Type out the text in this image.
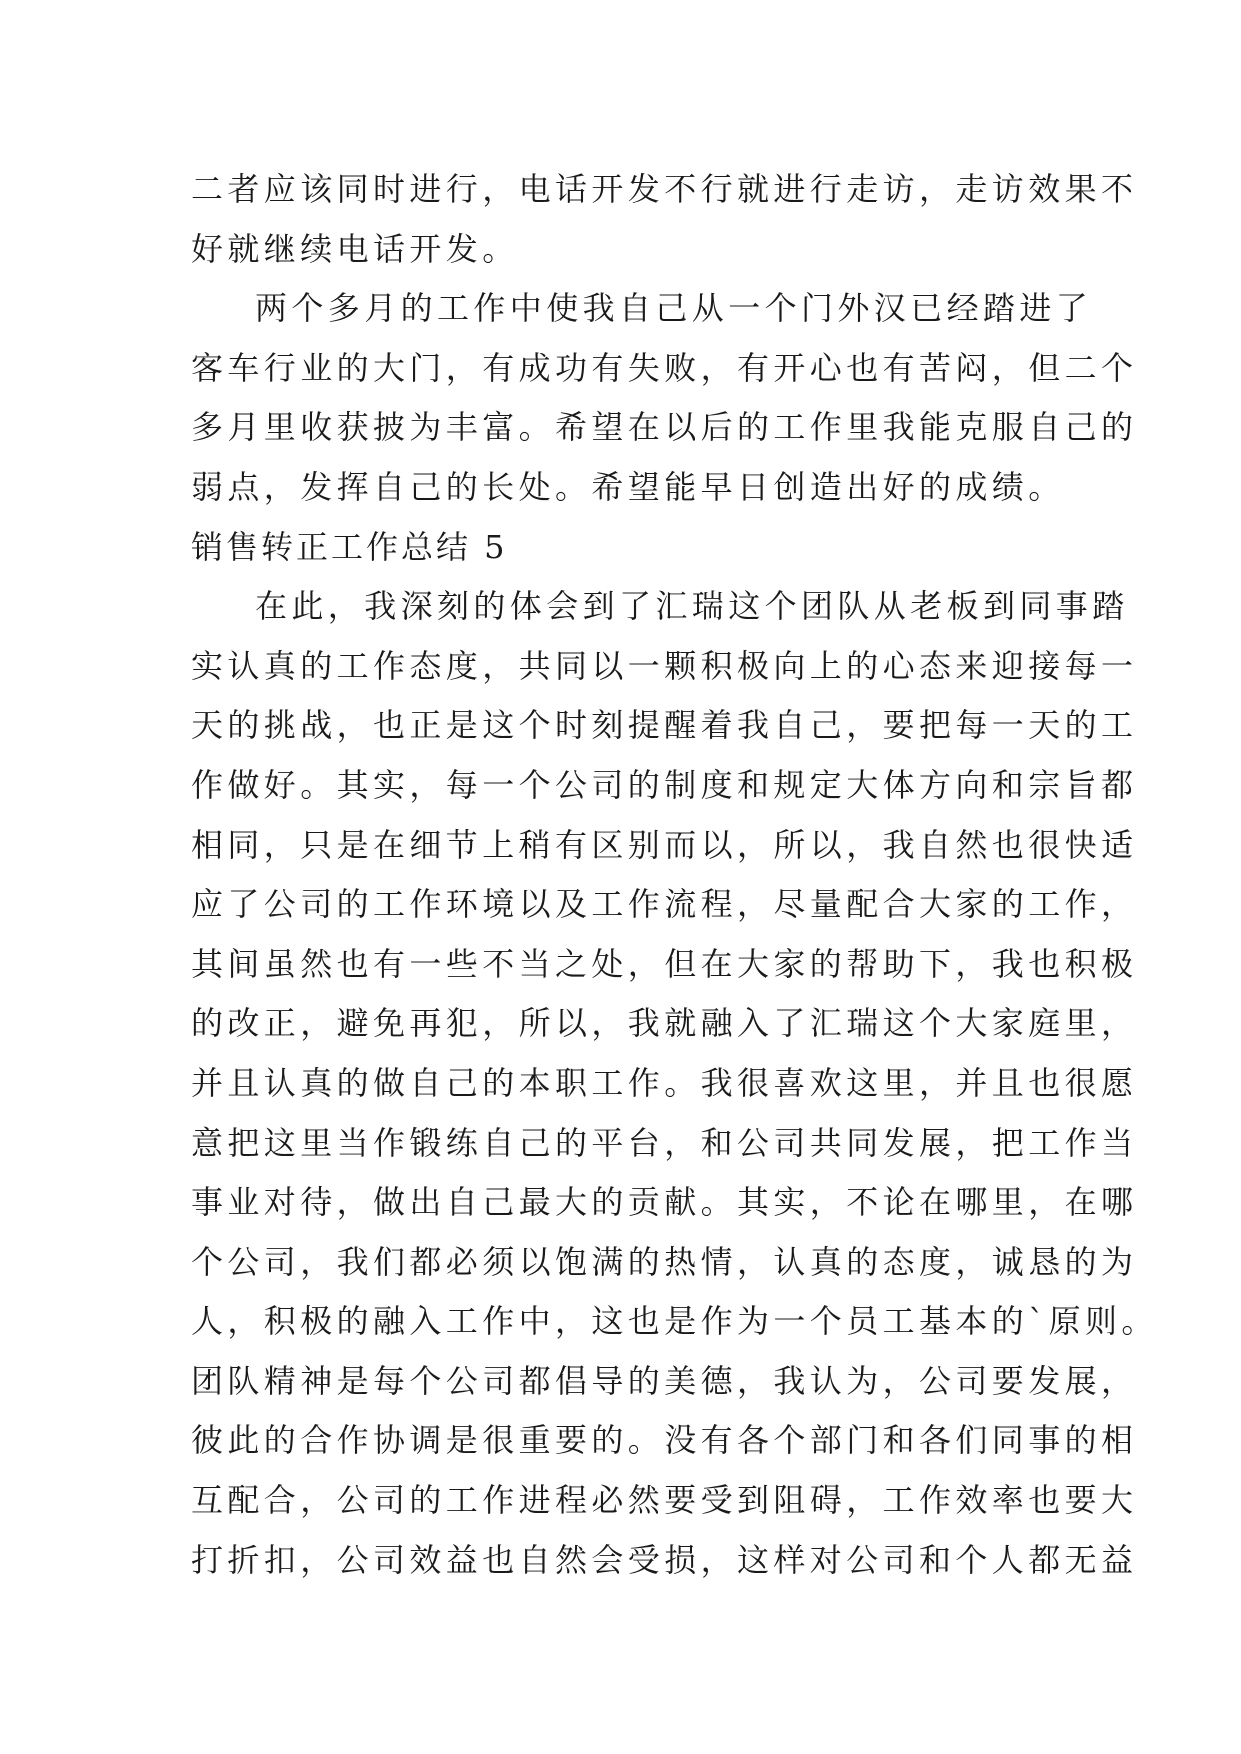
二者应该同时进行，电话开发不行就进行走访，走访效果不
好就继续电话开发。
两个多月的工作中使我自己从一个门外汉已经踏进了
客车行业的大门，有成功有失败，有开心也有苦闷，但二个
多月里收获披为丰富。希望在以后的工作里我能克服自己的
弱点，发挥自己的长处。希望能早日创造出好的成绩。
销售转正工作总结 5
在此，我深刻的体会到了汇瑞这个团队从老板到同事踏
实认真的工作态度，共同以一颗积极向上的心态来迎接每一
天的挑战，也正是这个时刻提醒着我自己，要把每一天的工
作做好。其实，每一个公司的制度和规定大体方向和宗旨都
相同，只是在细节上稍有区别而以，所以，我自然也很快适
应了公司的工作环境以及工作流程，尽量配合大家的工作，
其间虽然也有一些不当之处，但在大家的帮助下，我也积极
的改正，避免再犯，所以，我就融入了汇瑞这个大家庭里，
并且认真的做自己的本职工作。我很喜欢这里，并且也很愿
意把这里当作锻练自己的平台，和公司共同发展，把工作当
事业对待，做出自己最大的贡献。其实，不论在哪里，在哪
个公司，我们都必须以饱满的热情，认真的态度，诚恳的为
人，积极的融入工作中，这也是作为一个员工基本的`原则。
团队精神是每个公司都倡导的美德，我认为，公司要发展，
彼此的合作协调是很重要的。没有各个部门和各们同事的相
互配合，公司的工作进程必然要受到阻碍，工作效率也要大
打折扣，公司效益也自然会受损，这样对公司和个人都无益
